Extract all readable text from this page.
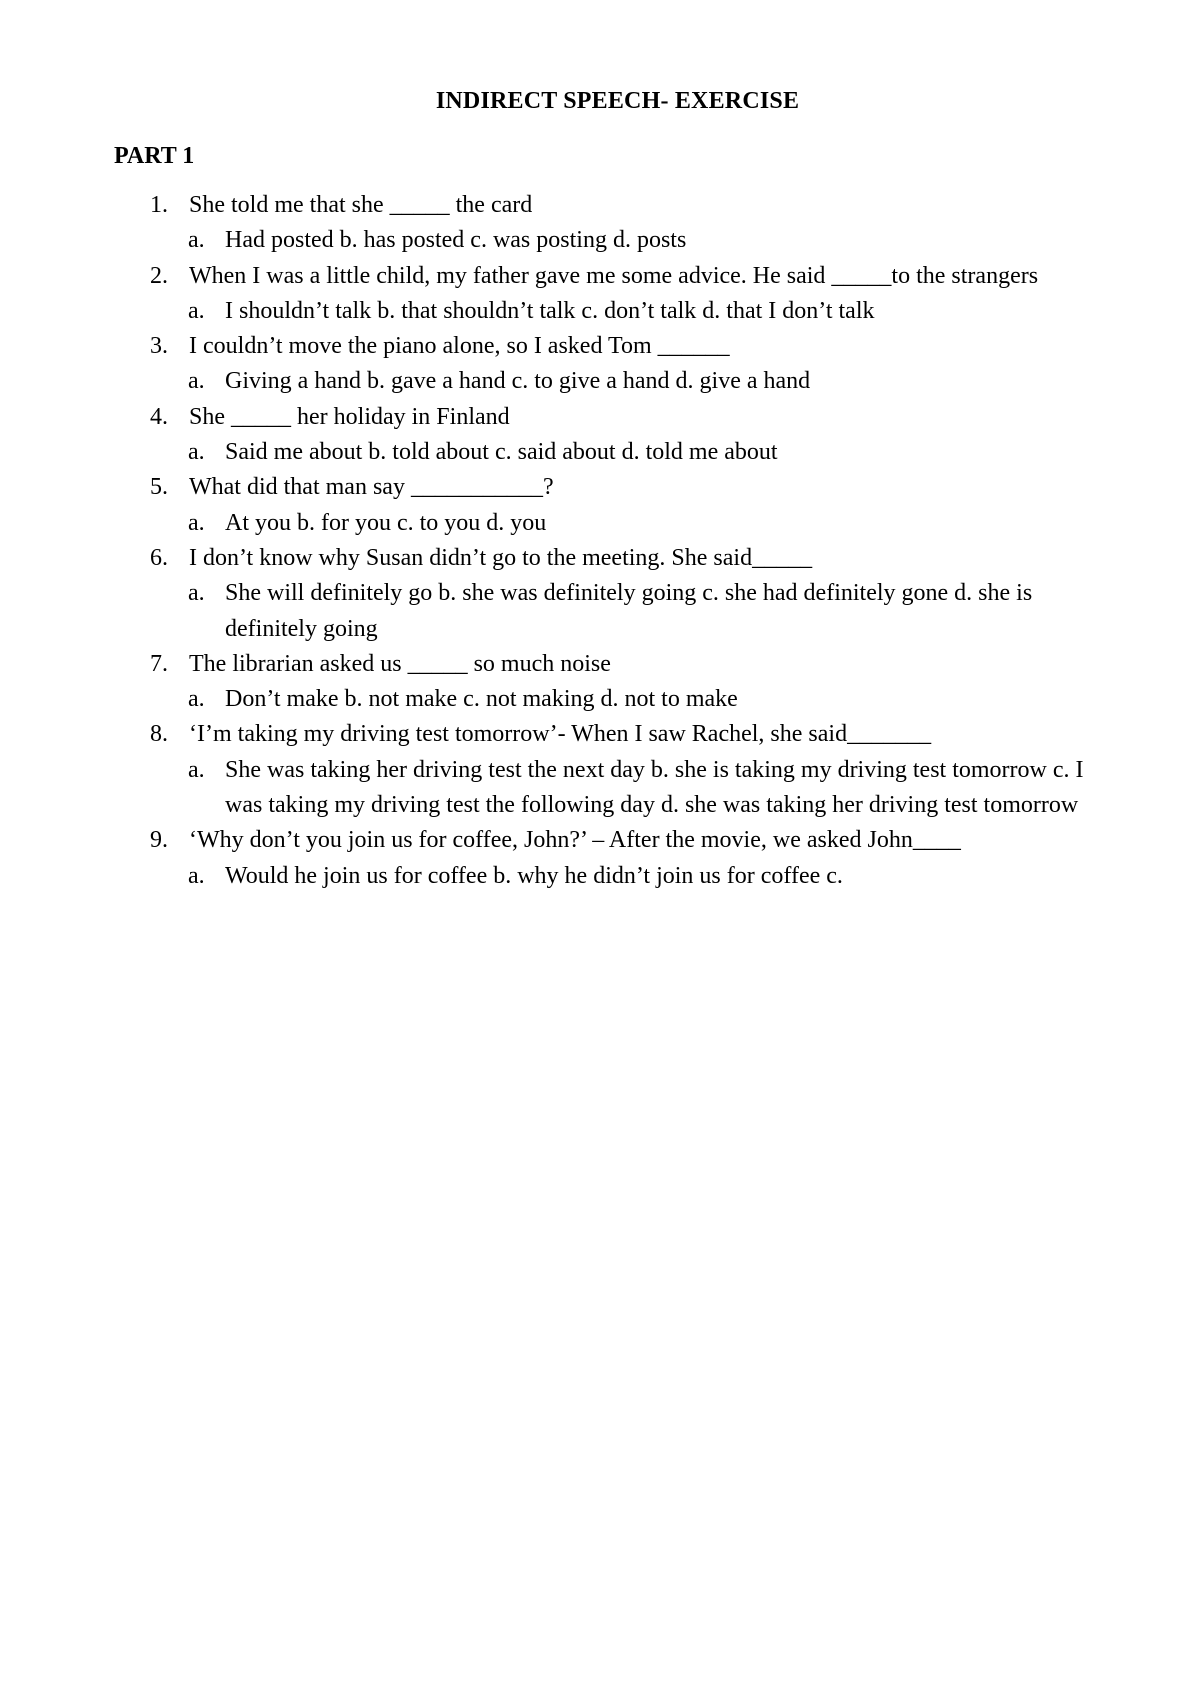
INDIRECT SPEECH- EXERCISE
PART 1
1. She told me that she _____ the card
a. Had posted b. has posted c. was posting d. posts
2. When I was a little child, my father gave me some advice. He said _____to the strangers
a. I shouldn’t talk b. that shouldn’t talk c. don’t talk d. that I don’t talk
3. I couldn’t move the piano alone, so I asked Tom ______
a. Giving a hand b. gave a hand c. to give a hand d. give a hand
4. She _____ her holiday in Finland
a. Said me about b. told about c. said about d. told me about
5. What did that man say ___________?
a. At you b. for you c. to you d. you
6. I don’t know why Susan didn’t go to the meeting. She said_____
a. She will definitely go b. she was definitely going c. she had definitely gone d. she is definitely going
7. The librarian asked us _____ so much noise
a. Don’t make b. not make c. not making d. not to make
8. ‘I’m taking my driving test tomorrow’- When I saw Rachel, she said_______
a. She was taking her driving test the next day b. she is taking my driving test tomorrow c. I was taking my driving test the following day d. she was taking her driving test tomorrow
9. ‘Why don’t you join us for coffee, John?’ – After the movie, we asked John____
a. Would he join us for coffee b. why he didn’t join us for coffee c.
